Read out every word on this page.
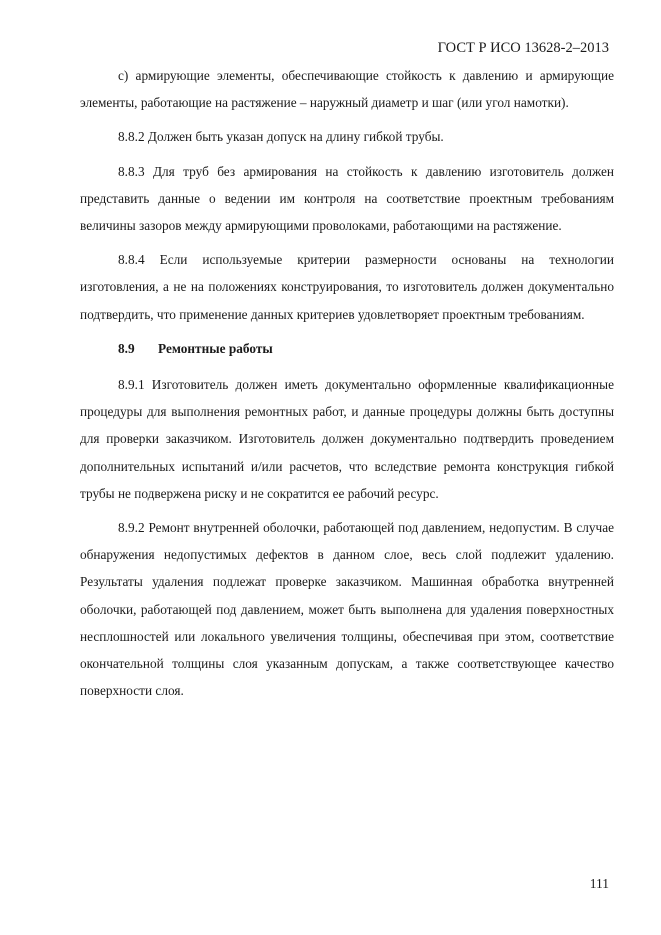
ГОСТ Р ИСО 13628-2–2013

c) армирующие элементы, обеспечивающие стойкость к давлению и армирующие элементы, работающие на растяжение – наружный диаметр и шаг (или угол намотки).

8.8.2 Должен быть указан допуск на длину гибкой трубы.

8.8.3 Для труб без армирования на стойкость к давлению изготовитель должен представить данные о ведении им контроля на соответствие проектным требованиям величины зазоров между армирующими проволоками, работающими на растяжение.

8.8.4 Если используемые критерии размерности основаны на технологии изготовления, а не на положениях конструирования, то изготовитель должен документально подтвердить, что применение данных критериев удовлетворяет проектным требованиям.

8.9 Ремонтные работы

8.9.1 Изготовитель должен иметь документально оформленные квалификационные процедуры для выполнения ремонтных работ, и данные процедуры должны быть доступны для проверки заказчиком. Изготовитель должен документально подтвердить проведением дополнительных испытаний и/или расчетов, что вследствие ремонта конструкция гибкой трубы не подвержена риску и не сократится ее рабочий ресурс.

8.9.2 Ремонт внутренней оболочки, работающей под давлением, недопустим. В случае обнаружения недопустимых дефектов в данном слое, весь слой подлежит удалению. Результаты удаления подлежат проверке заказчиком. Машинная обработка внутренней оболочки, работающей под давлением, может быть выполнена для удаления поверхностных несплошностей или локального увеличения толщины, обеспечивая при этом, соответствие окончательной толщины слоя указанным допускам, а также соответствующее качество поверхности слоя.

111
